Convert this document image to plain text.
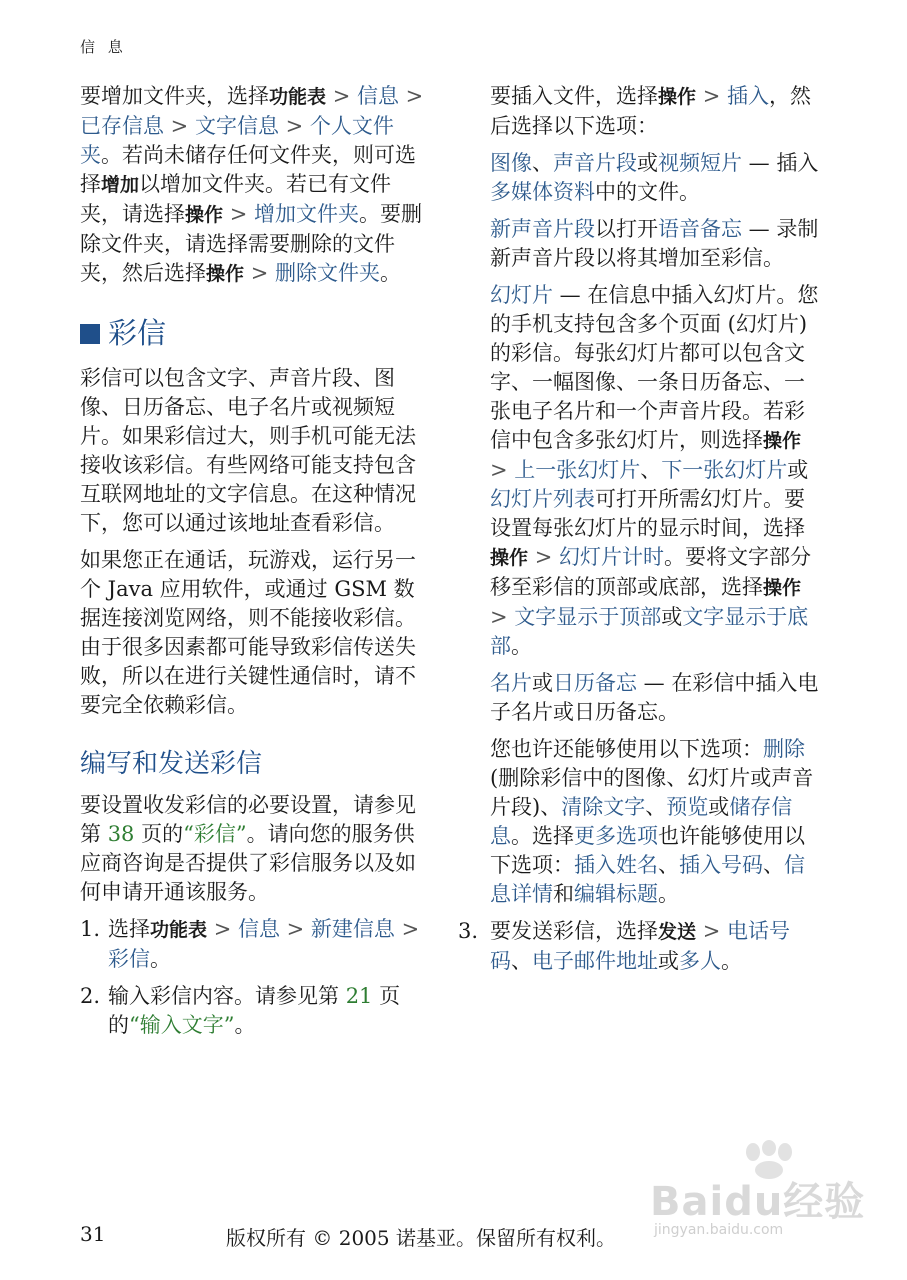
信 息

要增加文件夹，选择功能表 > 信息 > 已存信息 > 文字信息 > 个人文件夹。若尚未储存任何文件夹，则可选择增加以增加文件夹。若已有文件夹，请选择操作 > 增加文件夹。要删除文件夹，请选择需要删除的文件夹，然后选择操作 > 删除文件夹。

彩信

彩信可以包含文字、声音片段、图像、日历备忘、电子名片或视频短片。如果彩信过大，则手机可能无法接收该彩信。有些网络可能支持包含互联网地址的文字信息。在这种情况下，您可以通过该地址查看彩信。

如果您正在通话，玩游戏，运行另一个 Java 应用软件，或通过 GSM 数据连接浏览网络，则不能接收彩信。由于很多因素都可能导致彩信传送失败，所以在进行关键性通信时，请不要完全依赖彩信。

编写和发送彩信

要设置收发彩信的必要设置，请参见第 38 页的“彩信”。请向您的服务供应商咨询是否提供了彩信服务以及如何申请开通该服务。

1. 选择功能表 > 信息 > 新建信息 > 彩信。
2. 输入彩信内容。请参见第 21 页的“输入文字”。

要插入文件，选择操作 > 插入，然后选择以下选项：

图像、声音片段或视频短片 — 插入多媒体资料中的文件。

新声音片段以打开语音备忘 — 录制新声音片段以将其增加至彩信。

幻灯片 — 在信息中插入幻灯片。您的手机支持包含多个页面 (幻灯片) 的彩信。每张幻灯片都可以包含文字、一幅图像、一条日历备忘、一张电子名片和一个声音片段。若彩信中包含多张幻灯片，则选择操作 > 上一张幻灯片、下一张幻灯片或幻灯片列表可打开所需幻灯片。要设置每张幻灯片的显示时间，选择操作 > 幻灯片计时。要将文字部分移至彩信的顶部或底部，选择操作 > 文字显示于顶部或文字显示于底部。

名片或日历备忘 — 在彩信中插入电子名片或日历备忘。

您也许还能够使用以下选项：删除 (删除彩信中的图像、幻灯片或声音片段)、清除文字、预览或储存信息。选择更多选项也许能够使用以下选项：插入姓名、插入号码、信息详情和编辑标题。

3. 要发送彩信，选择发送 > 电话号码、电子邮件地址或多人。
Baidu经验
jingyan.baidu.com
31	版权所有 © 2005 诺基亚。保留所有权利。
